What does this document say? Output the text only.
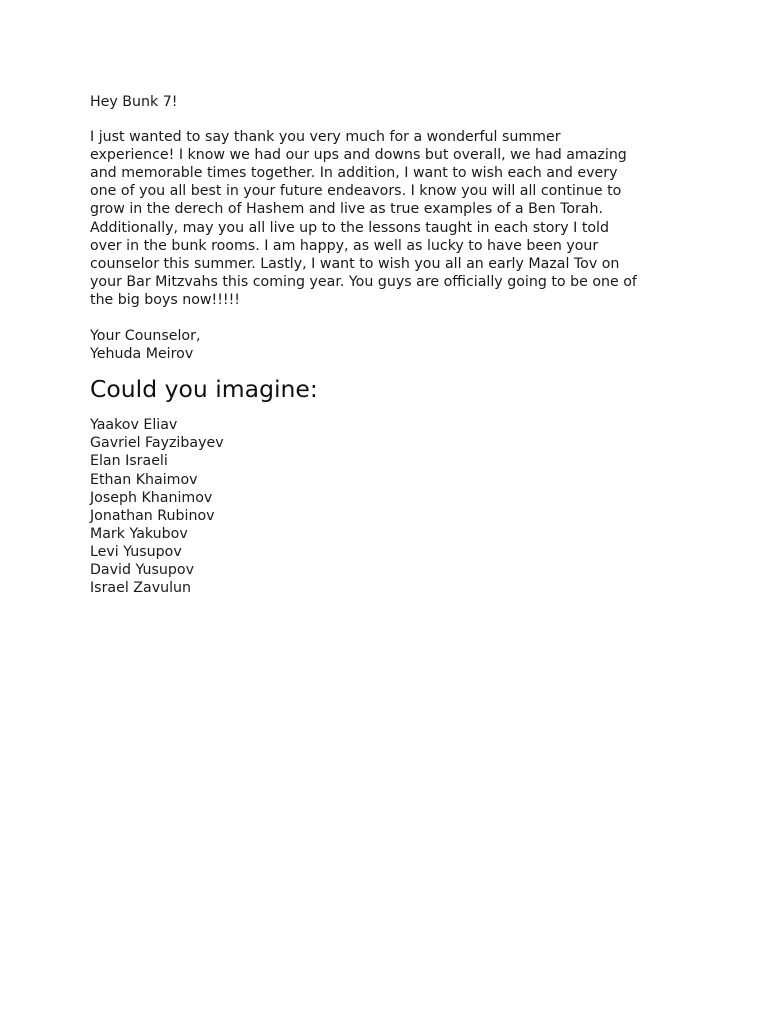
Hey Bunk 7!

I just wanted to say thank you very much for a wonderful summer
experience! I know we had our ups and downs but overall, we had amazing
and memorable times together. In addition, I want to wish each and every
one of you all best in your future endeavors. I know you will all continue to
grow in the derech of Hashem and live as true examples of a Ben Torah.
Additionally, may you all live up to the lessons taught in each story I told
over in the bunk rooms. I am happy, as well as lucky to have been your
counselor this summer. Lastly, I want to wish you all an early Mazal Tov on
your Bar Mitzvahs this coming year. You guys are officially going to be one of
the big boys now!!!!!

Your Counselor,

Yehuda Meirov

Could you imagine:
Yaakov Eliav
Gavriel Fayzibayev
Elan Israeli
Ethan Khaimov
Joseph Khanimov
Jonathan Rubinov
Mark Yakubov
Levi Yusupov
David Yusupov
Israel Zavulun
